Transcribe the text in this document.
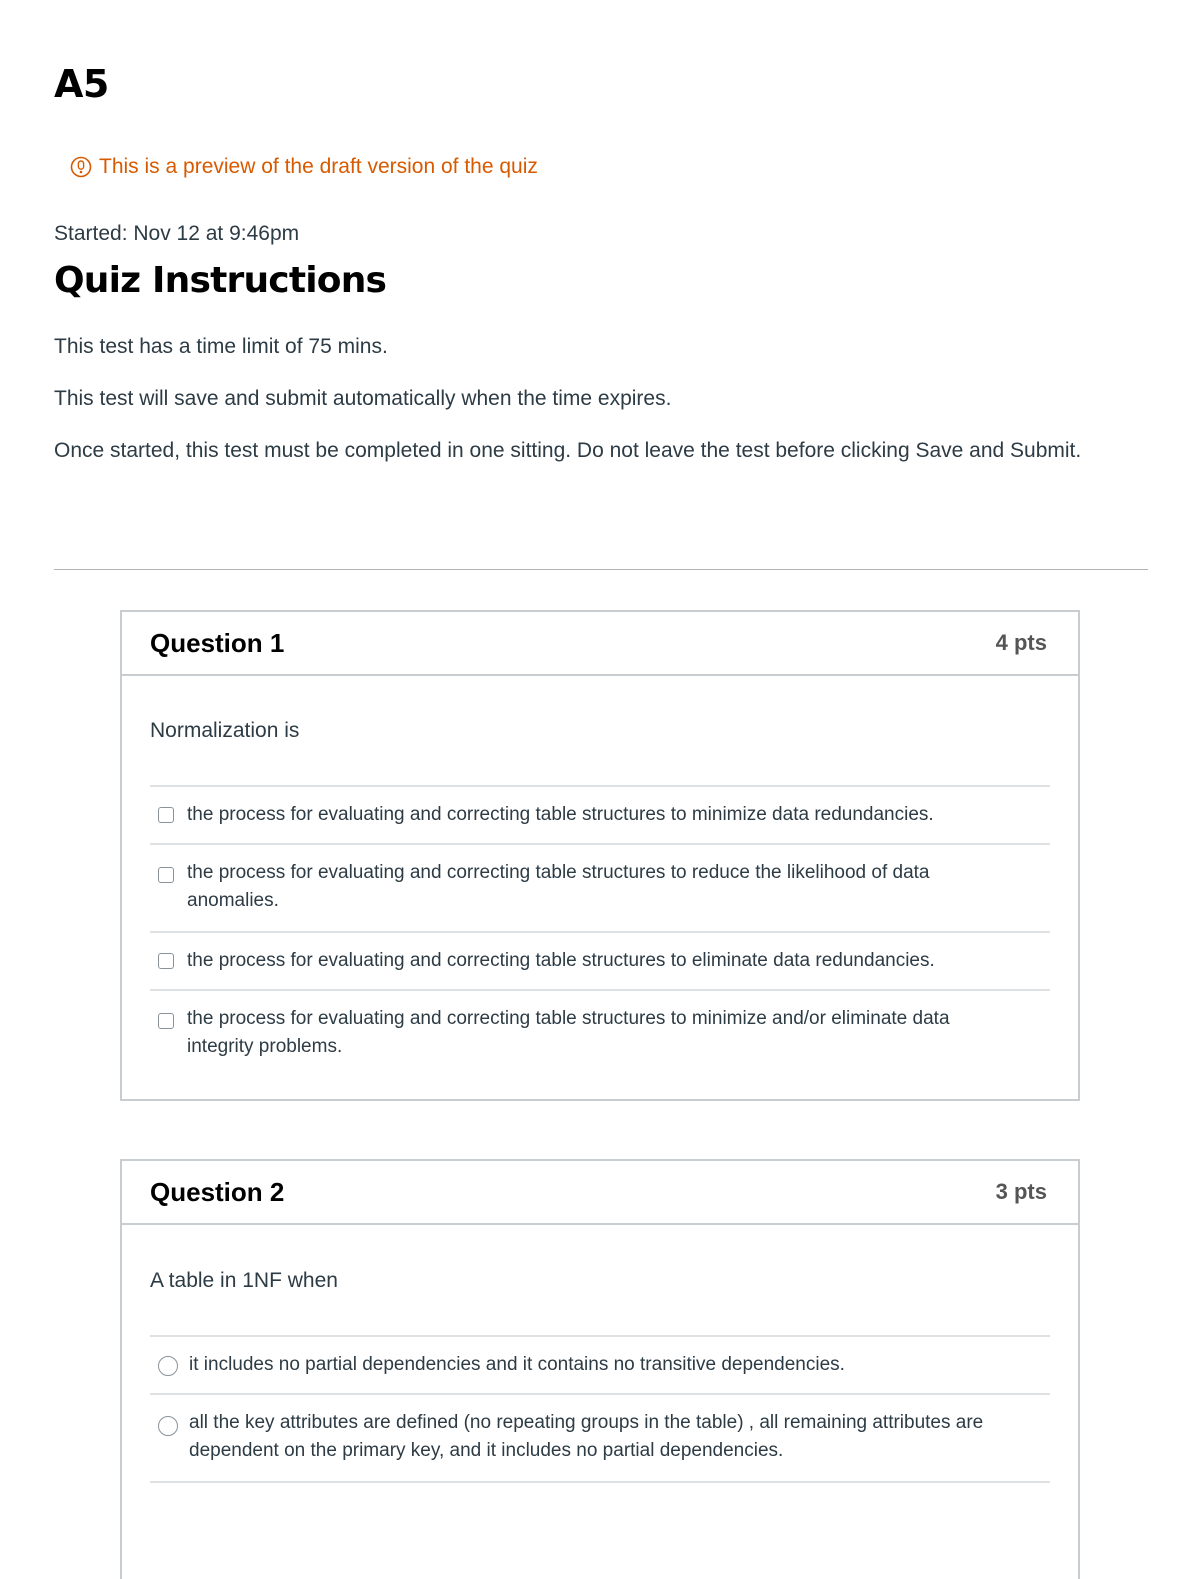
A5
This is a preview of the draft version of the quiz
Started: Nov 12 at 9:46pm
Quiz Instructions

This test has a time limit of 75 mins.

This test will save and submit automatically when the time expires.

Once started, this test must be completed in one sitting. Do not leave the test before clicking Save and Submit.

Question 1	4 pts
Normalization is
the process for evaluating and correcting table structures to minimize data redundancies.
the process for evaluating and correcting table structures to reduce the likelihood of data anomalies.
the process for evaluating and correcting table structures to eliminate data redundancies.
the process for evaluating and correcting table structures to minimize and/or eliminate data integrity problems.
Question 2	3 pts
A table in 1NF when
it includes no partial dependencies and it contains no transitive dependencies.
all the key attributes are defined (no repeating groups in the table) , all remaining attributes are dependent on the primary key, and it includes no partial dependencies.
